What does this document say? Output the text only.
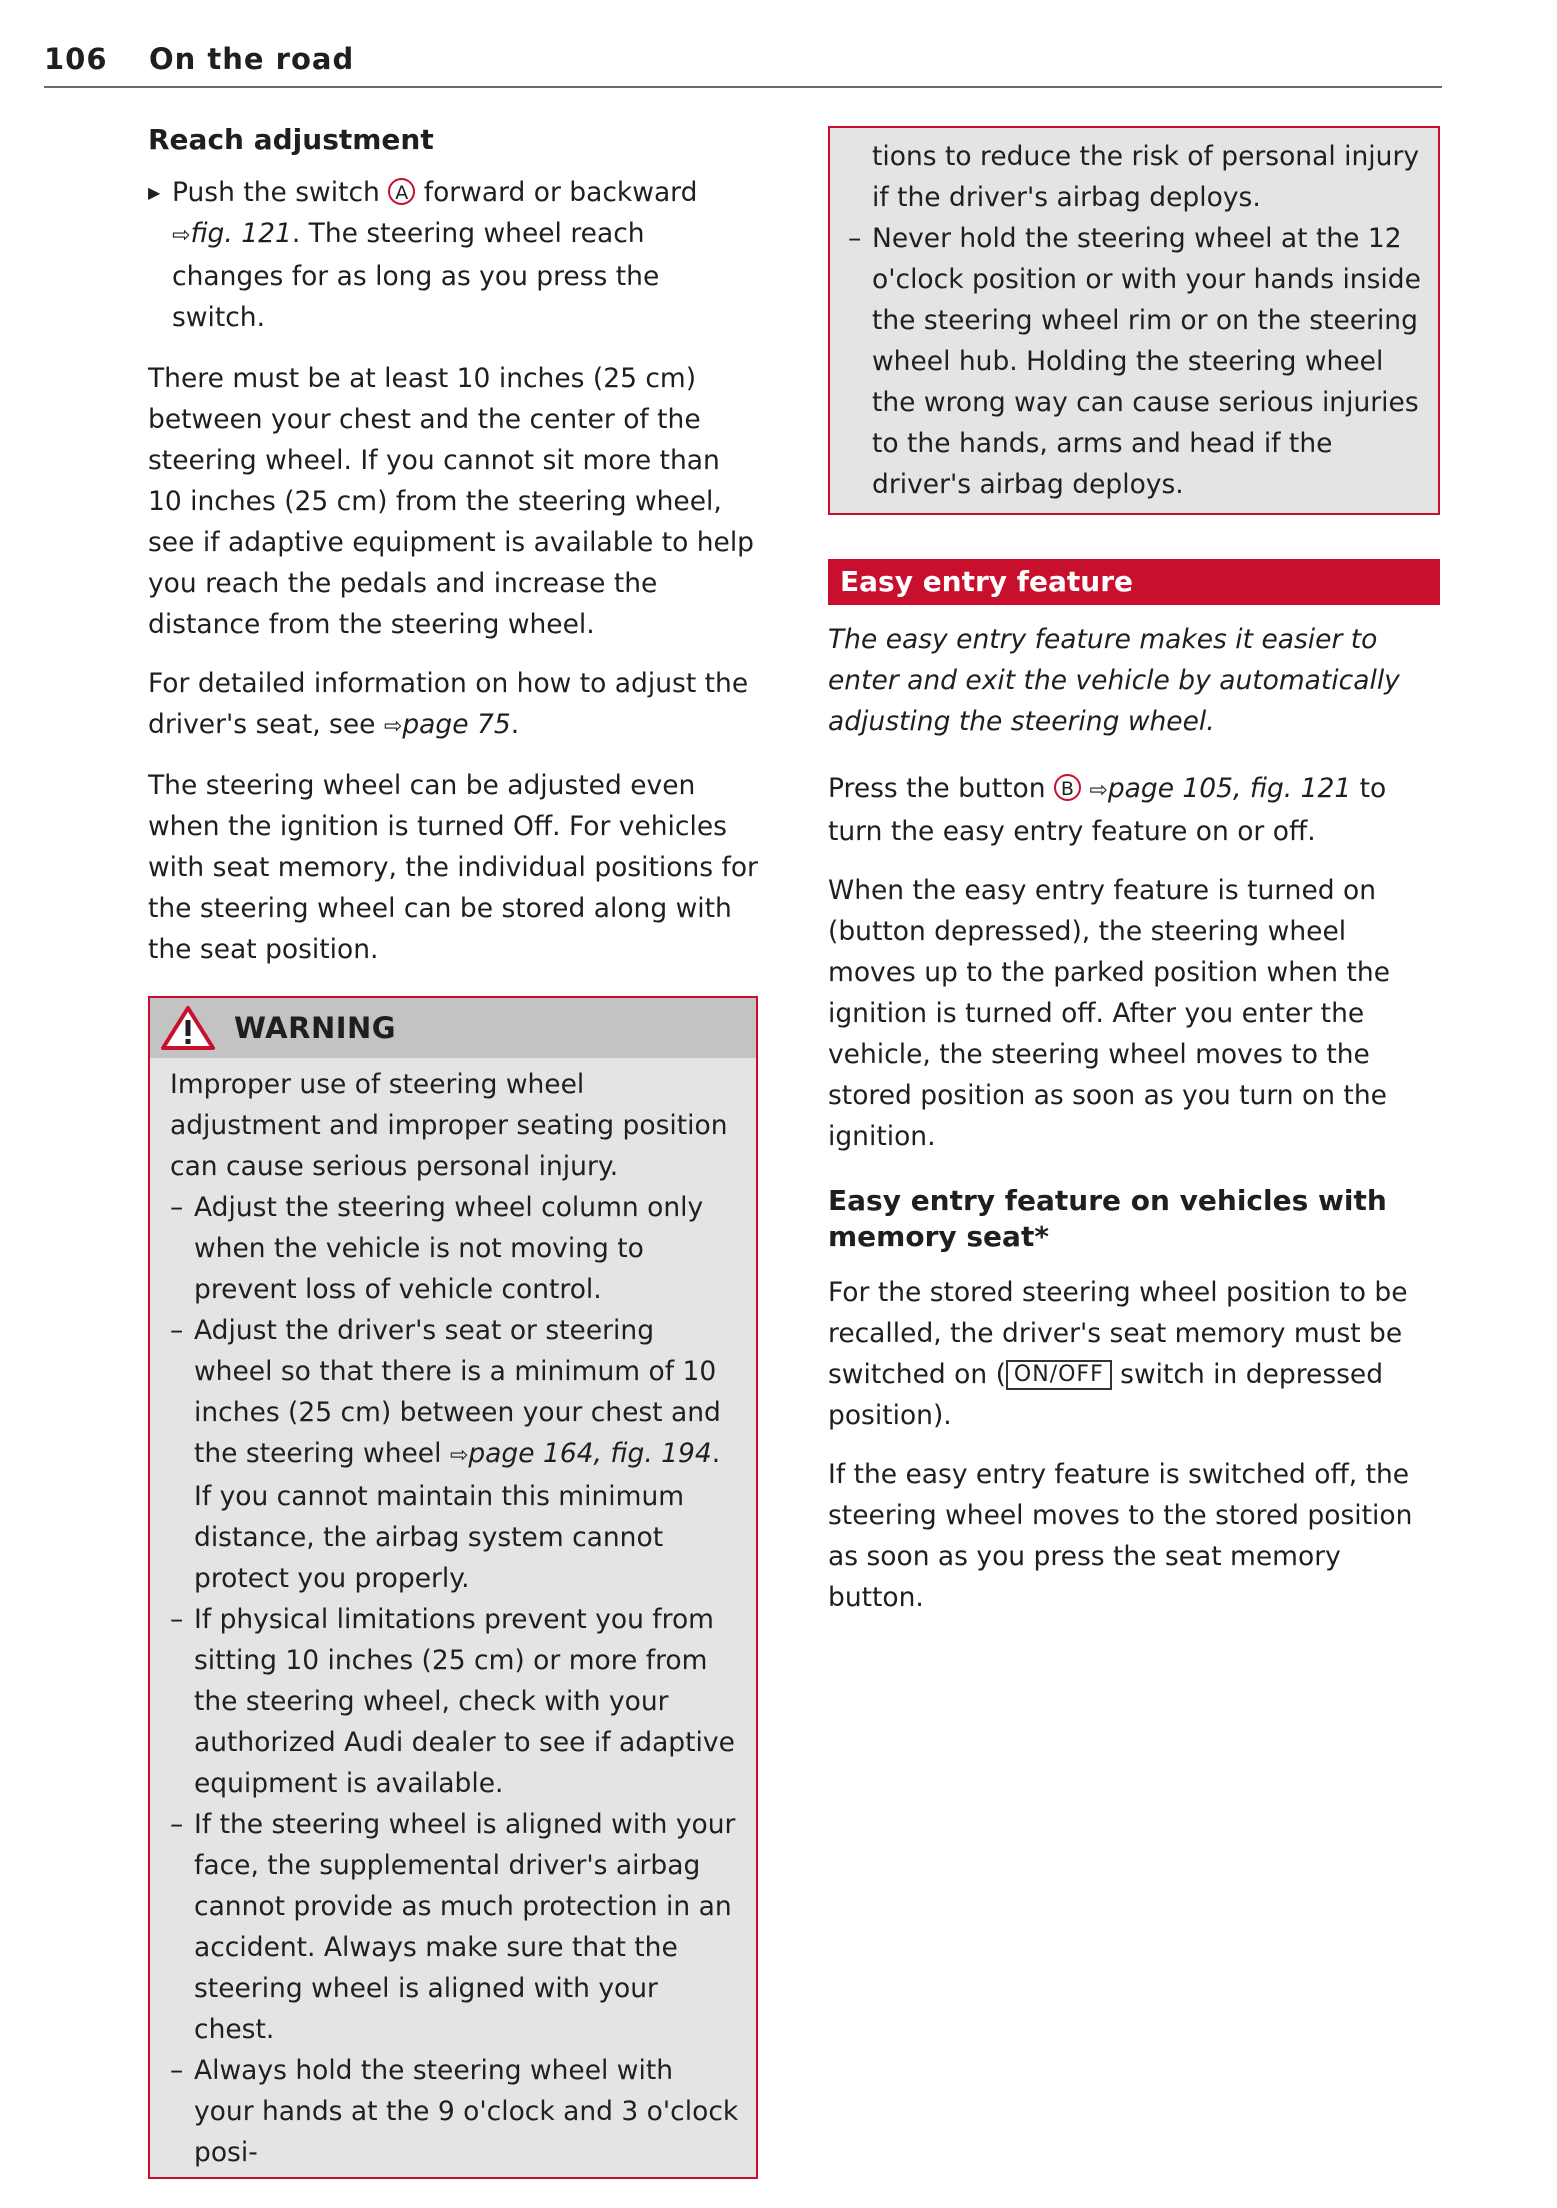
106 On the road
Reach adjustment
▶ Push the switch A forward or backward ⇨fig. 121. The steering wheel reach changes for as long as you press the switch.

There must be at least 10 inches (25 cm) between your chest and the center of the steering wheel. If you cannot sit more than 10 inches (25 cm) from the steering wheel, see if adaptive equipment is available to help you reach the pedals and increase the distance from the steering wheel.

For detailed information on how to adjust the driver's seat, see ⇨page 75.

The steering wheel can be adjusted even when the ignition is turned Off. For vehicles with seat memory, the individual positions for the steering wheel can be stored along with the seat position.

WARNING

Improper use of steering wheel adjustment and improper seating position can cause serious personal injury.

– Adjust the steering wheel column only when the vehicle is not moving to prevent loss of vehicle control.
– Adjust the driver's seat or steering wheel so that there is a minimum of 10 inches (25 cm) between your chest and the steering wheel ⇨page 164, fig. 194. If you cannot maintain this minimum distance, the airbag system cannot protect you properly.
– If physical limitations prevent you from sitting 10 inches (25 cm) or more from the steering wheel, check with your authorized Audi dealer to see if adaptive equipment is available.
– If the steering wheel is aligned with your face, the supplemental driver's airbag cannot provide as much protection in an accident. Always make sure that the steering wheel is aligned with your chest.
– Always hold the steering wheel with your hands at the 9 o'clock and 3 o'clock posi-
tions to reduce the risk of personal injury if the driver's airbag deploys.
– Never hold the steering wheel at the 12 o'clock position or with your hands inside the steering wheel rim or on the steering wheel hub. Holding the steering wheel the wrong way can cause serious injuries to the hands, arms and head if the driver's airbag deploys.
Easy entry feature

The easy entry feature makes it easier to enter and exit the vehicle by automatically adjusting the steering wheel.

Press the button B ⇨page 105, fig. 121 to turn the easy entry feature on or off.

When the easy entry feature is turned on (button depressed), the steering wheel moves up to the parked position when the ignition is turned off. After you enter the vehicle, the steering wheel moves to the stored position as soon as you turn on the ignition.

Easy entry feature on vehicles with memory seat*

For the stored steering wheel position to be recalled, the driver's seat memory must be switched on ( ON/OFF switch in depressed position).

If the easy entry feature is switched off, the steering wheel moves to the stored position as soon as you press the seat memory button.
